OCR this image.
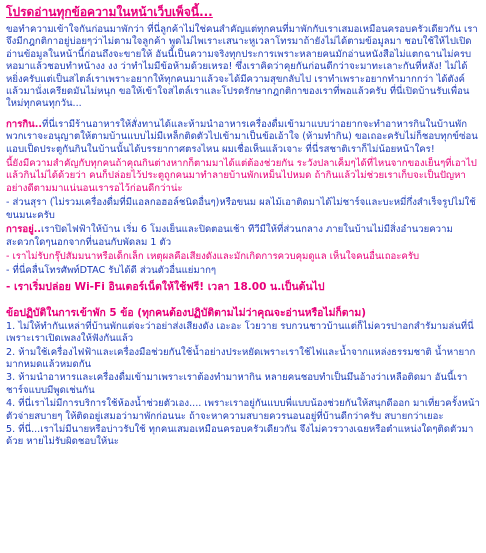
โปรดอ่านทุกข้อความในหน้าเว็บเพ็จนี้...
ขอทำความเข้าใจกันก่อนมาพักว่า ที่นี่ลูกค้าไม่ใช่คนสำคัญแต่ทุกคนที่มาพักกับเราเสมอเหมือนครอบครัวเดียวกัน เราจึงมีกฎกติกาอยู่บ่อยๆว่าไม่ตามใจลูกค้า พูดไม่ไพเราะเสนาะหูเวลาโทรมาถ้ายังไม่ได้ตามข้อมูลมา ชอบใช้ให้ไปเปิดอ่านข้อมูลในหน้านี้ก่อนถึงจะขายให้ อันนี้เป็นความจริงทุกประการเพราะหลายคนมักอ่านหนังสือไม่แตกฉานไม่ครบ หอมาแล้วชอบทำหน้างง งง ว่าทำไมมีข้อห้ามด้วยเหรอ! ซึ่งเราคิดว่าคุยกันก่อนดีกว่าจะมาทะเลาะกันที่หลัง! ไม่ได้หยิ่งครับแต่เป็นสไตล์เราเพราะอยากให้ทุกคนมาแล้วจะได้มีความสุขกลับไป เราทำเพราะอยากทำมากกว่า ได้ตังค์แล้วมานั่งเครียดมันไม่หนุก ขอให้เข้าใจสไตล์เราและโปรดรักษากฎกติกาของเราที่พอแล้วครับ ที่นี่เปิดบ้านรับเพื่อนใหม่ทุกคนทุกวัน...
การกิน..ที่นี่เรามีร้านอาหารให้สั่งทานได้และห้ามนำอาหารเครื่องดื่มเข้ามาแบบว่าอยากจะทำอาหารกินในบ้านพักพวกเราจะอนุญาตให้ตามบ้านแบบไม่มีเหล็กติดตัวไปเข้ามาเป็นข้อเอ้าใจ (ห้ามทำกิน) ขอเถอะครับไม่ก็ชอบทุกข์ซ่อนแอบเป็ดประตูกันกินในบ้านนั้นได้บรรยากาศตรงไหน ผมเชื่อเห็นแล้วเจาะ ที่นี่รสชาติเราก็ไม่น้อยหน้าใคร!
นี้ยังมีความสำคัญกับทุกคนถ้าคุณกินต่างหากก็ตามมาได้แต่ต้องช่วยกัน ระวังปลาเค็มๆได้ที่ไหนจากของเย็นๆที่เอาไปแล้วกินไม่ได้ด้วยว่า คนก็ปล่อยไว้ประตูถูกคนมาทำลายบ้านพักเหม็นไปหมด ถ้ากินแล้วไม่ช่วยเราเก็บจะเป็นปัญหาอย่างดีตามมาแน่นอนเรารอไว้ก่อนดีกว่าน่ะ
- ส่วนสุรา (ไม่รวมเครื่องดื่มที่มีแอลกอฮอล์ชนิดอื่นๆ)หรือขนม ผลไม้เอาติดมาได้ไม่ชาร์จและบะหมี่กึ่งสำเร็จรูปไม่ใช้ขนมนะครับ
การอยู่..เราปิดไฟฟ้าให้บ้าน เริ่ม 6 โมงเย็นและปิดตอนเช้า ทีวีมีให้ที่ส่วนกลาง ภายในบ้านไม่มีสิ่งอำนวยความสะดวกใดๆนอกจากที่นอนกับพัดลม 1 ตัว
- เราไม่รับกรุ๊ปสัมมนาหรือเด็กเล็ก เหตุผลคือเสียงดังและมักเกิดการควบคุมดูแล เห็นใจคนอื่นเถอะครับ
- ที่นี่คลื่นโทรศัพท์DTAC รับได้ดี ส่วนตัวอื่นแย่มากๆ
- เราเริ่มปล่อย Wi-Fi อินเตอร์เน็ตให้ใช้ฟรี! เวลา 18.00 น.เป็นต้นไป
ข้อปฏิบัติในการเข้าพัก 5 ข้อ (ทุกคนต้องปฏิบัติตามไม่ว่าคุณจะอ่านหรือไม่ก็ตาม)
1. ไม่ให้ทำกันเหล่าที่บ้านพักแต่จะว่าอย่าส่งเสียงดัง เอะอะ โวยวาย รบกวนชาวบ้านแต่ก็ไม่ควรปาอกสำรัมามล่นที่นี่เพราะเราเปิดเพลงให้ฟังกันแล้ว
2. ห้ามใช้เครื่องไฟฟ้าและเครื่องมือช่วยกันใช้น้ำอย่างประหยัดเพราะเราใช้ไฟและน้ำจากแหล่งธรรมชาติ น้ำหายากมากหมดแล้วหมดกัน
3. ห้ามนำอาหารและเครื่องดื่มเข้ามาเพราะเราต้องทำมาหากิน หลายคนชอบทำเป็นมึนอ้างว่าเหลือติดมา อันนี้เราชาร์จแบบมีพูดเช่นกัน
4. ที่นี่เราไม่มีการบริการใช้ห้องน้ำช่วยตัวเอง.... เพราะเราอยู่กันแบบพี่แบบน้องช่วยกันให้สนุกดีออก มาเที่ยวครั้งหน้าตัวจ่ายสบายๆ ให้ติดอยู่เสมอว่ามาพักก่อนนะ ถ้าจะหาความสบายควรนอนอยู่ที่บ้านดีกว่าครับ สบายกว่าเยอะ
5. ที่นี่...เราไม่มีนายหรือบ่าวรับใช้ ทุกคนเสมอเหมือนครอบครัวเดียวกัน จึงไม่ควรวางเฉยหรือตำแหน่งใดๆติดตัวมาด้วย หายไม่รับผิดชอบให้นะ
